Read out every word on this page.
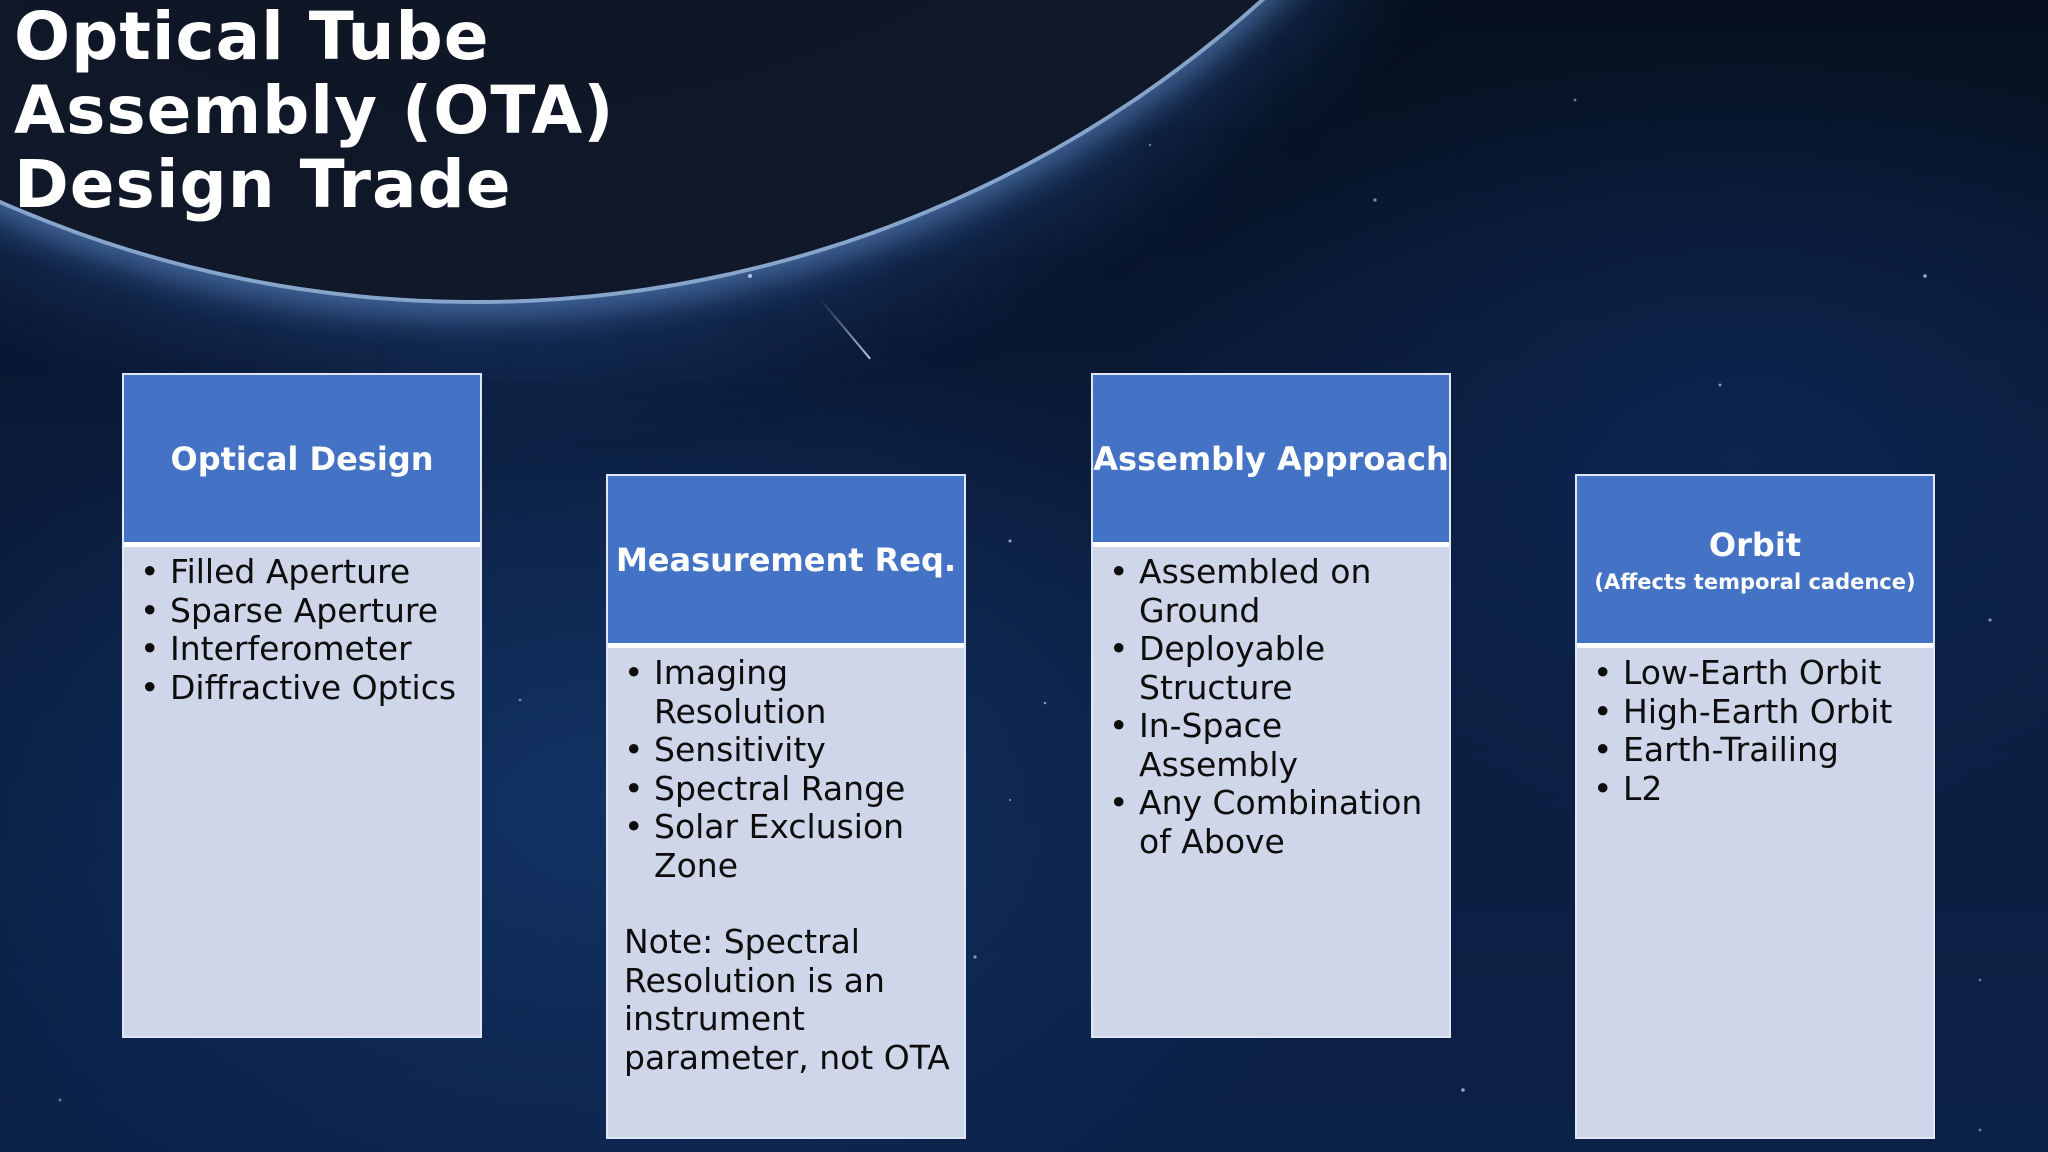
Optical Tube
Assembly (OTA)
Design Trade
Optical Design
• Filled Aperture
• Sparse Aperture
• Interferometer
• Diffractive Optics
Measurement Req.
• Imaging Resolution
• Sensitivity
• Spectral Range
• Solar Exclusion Zone

Note: Spectral Resolution is an instrument parameter, not OTA

Assembly Approach
• Assembled on Ground
• Deployable Structure
• In-Space Assembly
• Any Combination of Above
Orbit
(Affects temporal cadence)
• Low-Earth Orbit
• High-Earth Orbit
• Earth-Trailing
• L2
